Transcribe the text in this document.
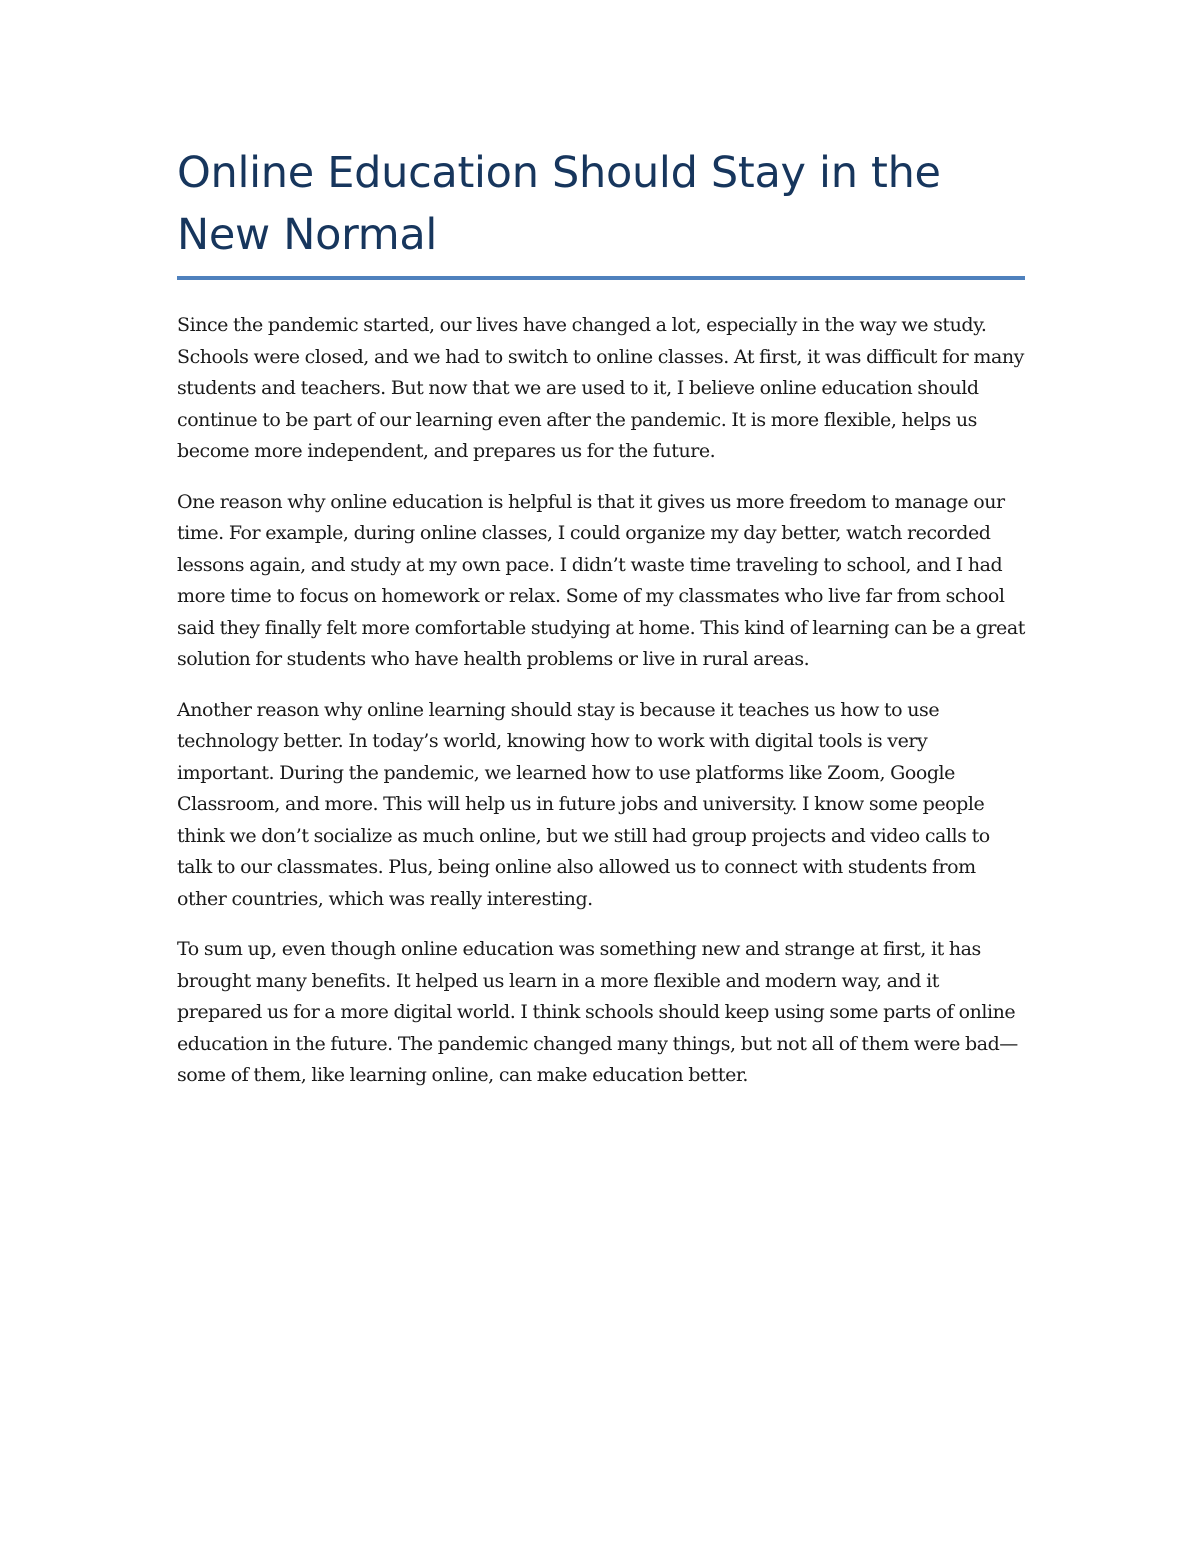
Online Education Should Stay in the New Normal

Since the pandemic started, our lives have changed a lot, especially in the way we study. Schools were closed, and we had to switch to online classes. At first, it was difficult for many students and teachers. But now that we are used to it, I believe online education should continue to be part of our learning even after the pandemic. It is more flexible, helps us become more independent, and prepares us for the future.

One reason why online education is helpful is that it gives us more freedom to manage our time. For example, during online classes, I could organize my day better, watch recorded lessons again, and study at my own pace. I didn’t waste time traveling to school, and I had more time to focus on homework or relax. Some of my classmates who live far from school said they finally felt more comfortable studying at home. This kind of learning can be a great solution for students who have health problems or live in rural areas.

Another reason why online learning should stay is because it teaches us how to use technology better. In today’s world, knowing how to work with digital tools is very important. During the pandemic, we learned how to use platforms like Zoom, Google Classroom, and more. This will help us in future jobs and university. I know some people think we don’t socialize as much online, but we still had group projects and video calls to talk to our classmates. Plus, being online also allowed us to connect with students from other countries, which was really interesting.

To sum up, even though online education was something new and strange at first, it has brought many benefits. It helped us learn in a more flexible and modern way, and it prepared us for a more digital world. I think schools should keep using some parts of online education in the future. The pandemic changed many things, but not all of them were bad—some of them, like learning online, can make education better.
